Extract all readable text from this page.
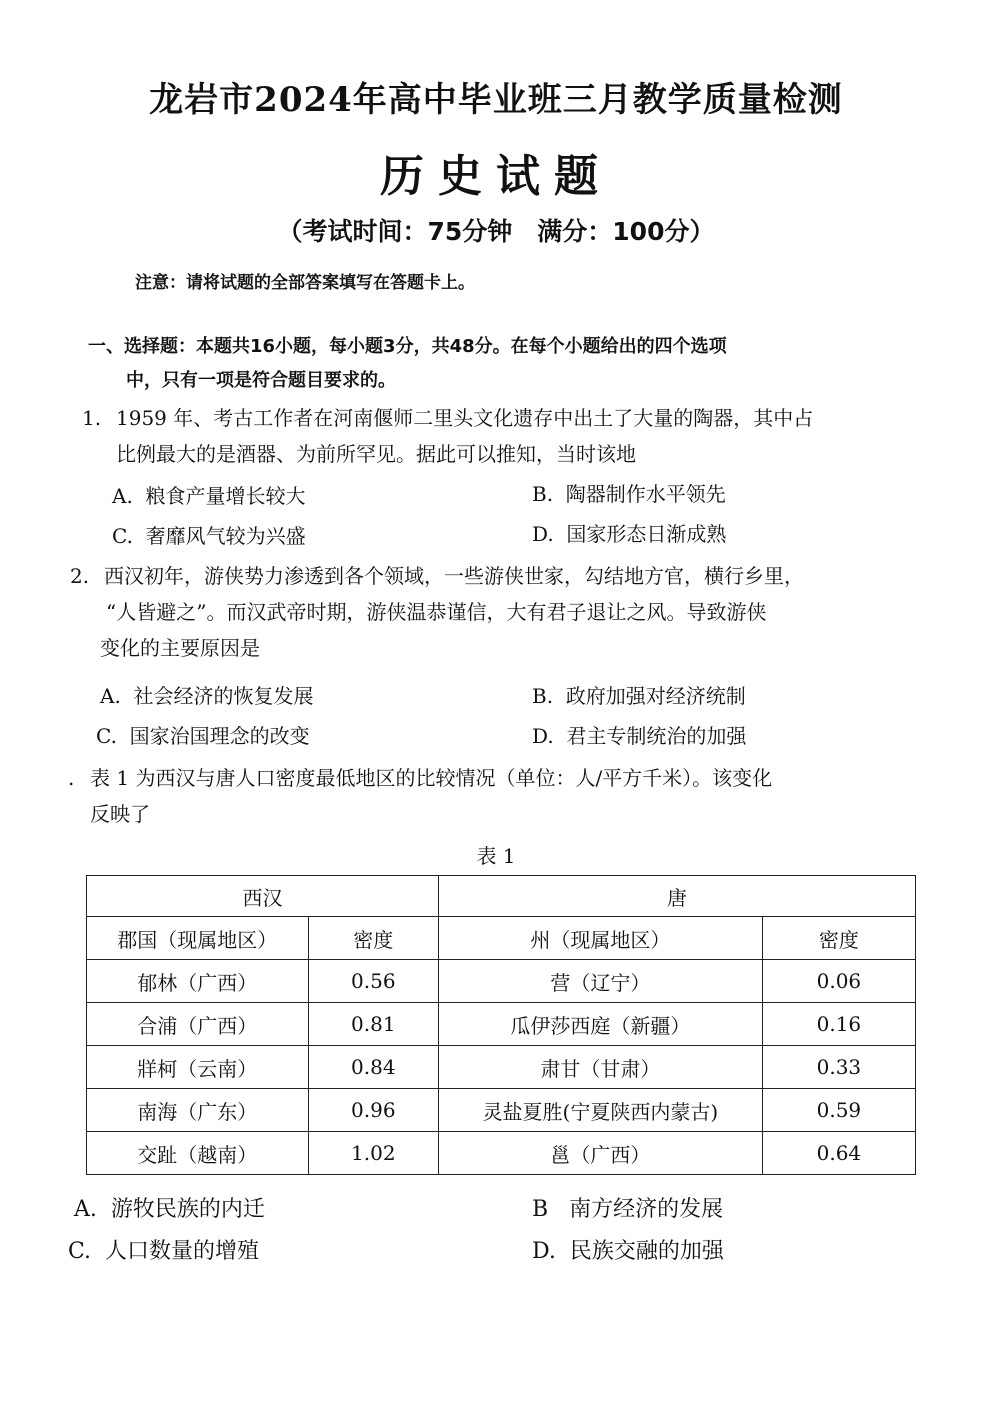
龙岩市2024年高中毕业班三月教学质量检测
历史试题
（考试时间：75分钟　满分：100分）
注意：请将试题的全部答案填写在答题卡上。
一、选择题：本题共16小题，每小题3分，共48分。在每个小题给出的四个选项
中，只有一项是符合题目要求的。
1. 1959 年、考古工作者在河南偃师二里头文化遗存中出土了大量的陶器，其中占
比例最大的是酒器、为前所罕见。据此可以推知，当时该地
A. 粮食产量增长较大	B. 陶器制作水平领先
C. 奢靡风气较为兴盛	D. 国家形态日渐成熟
2. 西汉初年，游侠势力渗透到各个领域，一些游侠世家，勾结地方官，横行乡里，
“人皆避之”。而汉武帝时期，游侠温恭谨信，大有君子退让之风。导致游侠
变化的主要原因是
A. 社会经济的恢复发展	B. 政府加强对经济统制
C. 国家治国理念的改变	D. 君主专制统治的加强
. 表 1 为西汉与唐人口密度最低地区的比较情况（单位：人/平方千米）。该变化
反映了
表 1
西汉		唐	
郡国（现属地区）	密度	州（现属地区）	密度
郁林（广西）	0.56	营（辽宁）	0.06
合浦（广西）	0.81	瓜伊莎西庭（新疆）	0.16
牂柯（云南）	0.84	肃甘（甘肃）	0.33
南海（广东）	0.96	灵盐夏胜(宁夏陕西内蒙古)	0.59
交趾（越南）	1.02	邕（广西）	0.64
A. 游牧民族的内迁	B 南方经济的发展
C. 人口数量的增殖	D. 民族交融的加强
